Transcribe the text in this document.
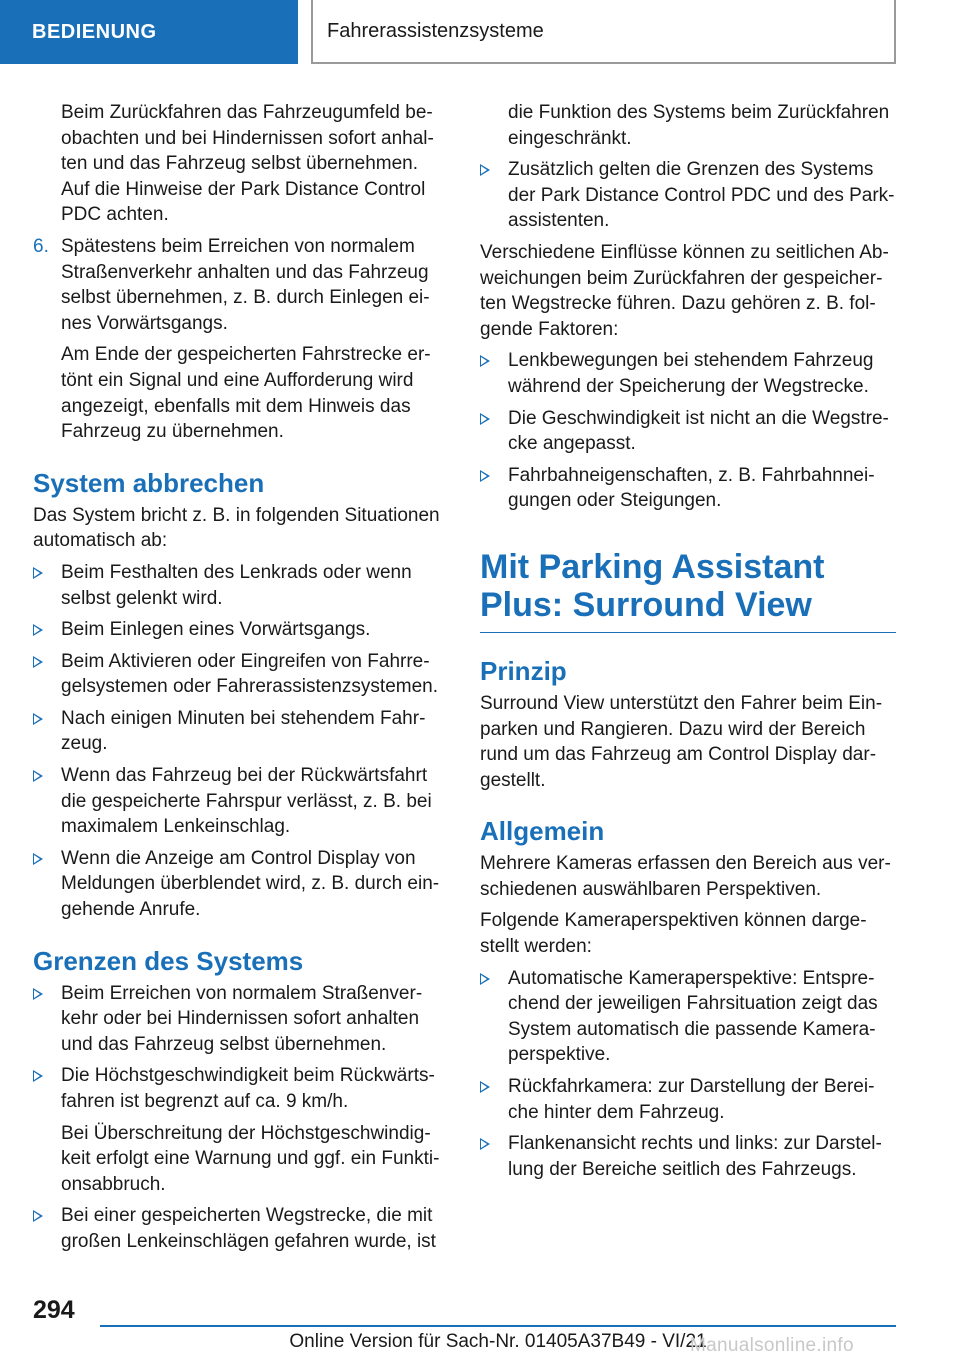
BEDIENUNG	Fahrerassistenzsysteme

Beim Zurückfahren das Fahrzeugumfeld beobachten und bei Hindernissen sofort anhalten und das Fahrzeug selbst übernehmen. Auf die Hinweise der Park Distance Control PDC achten.

6. Spätestens beim Erreichen von normalem Straßenverkehr anhalten und das Fahrzeug selbst übernehmen, z. B. durch Einlegen eines Vorwärtsgangs.

Am Ende der gespeicherten Fahrstrecke ertönt ein Signal und eine Aufforderung wird angezeigt, ebenfalls mit dem Hinweis das Fahrzeug zu übernehmen.

System abbrechen

Das System bricht z. B. in folgenden Situationen automatisch ab:

Beim Festhalten des Lenkrads oder wenn selbst gelenkt wird.
Beim Einlegen eines Vorwärtsgangs.
Beim Aktivieren oder Eingreifen von Fahrregelsystemen oder Fahrerassistenzsystemen.
Nach einigen Minuten bei stehendem Fahrzeug.
Wenn das Fahrzeug bei der Rückwärtsfahrt die gespeicherte Fahrspur verlässt, z. B. bei maximalem Lenkeinschlag.
Wenn die Anzeige am Control Display von Meldungen überblendet wird, z. B. durch eingehende Anrufe.
Grenzen des Systems
Beim Erreichen von normalem Straßenverkehr oder bei Hindernissen sofort anhalten und das Fahrzeug selbst übernehmen.

Die Höchstgeschwindigkeit beim Rückwärtsfahren ist begrenzt auf ca. 9 km/h.

Bei Überschreitung der Höchstgeschwindigkeit erfolgt eine Warnung und ggf. ein Funktionsabbruch.

Bei einer gespeicherten Wegstrecke, die mit großen Lenkeinschlägen gefahren wurde, ist

die Funktion des Systems beim Zurückfahren eingeschränkt.

Zusätzlich gelten die Grenzen des Systems der Park Distance Control PDC und des Parkassistenten.

Verschiedene Einflüsse können zu seitlichen Abweichungen beim Zurückfahren der gespeicherten Wegstrecke führen. Dazu gehören z. B. folgende Faktoren:

Lenkbewegungen bei stehendem Fahrzeug während der Speicherung der Wegstrecke.
Die Geschwindigkeit ist nicht an die Wegstrecke angepasst.
Fahrbahneigenschaften, z. B. Fahrbahnneigungen oder Steigungen.
Mit Parking Assistant Plus: Surround View
Prinzip

Surround View unterstützt den Fahrer beim Einparken und Rangieren. Dazu wird der Bereich rund um das Fahrzeug am Control Display dargestellt.

Allgemein

Mehrere Kameras erfassen den Bereich aus verschiedenen auswählbaren Perspektiven.

Folgende Kameraperspektiven können dargestellt werden:

Automatische Kameraperspektive: Entsprechend der jeweiligen Fahrsituation zeigt das System automatisch die passende Kameraperspektive.
Rückfahrkamera: zur Darstellung der Bereiche hinter dem Fahrzeug.
Flankenansicht rechts und links: zur Darstellung der Bereiche seitlich des Fahrzeugs.
294
Online Version für Sach-Nr. 01405A37B49 - VI/21
Manualsonline.info
